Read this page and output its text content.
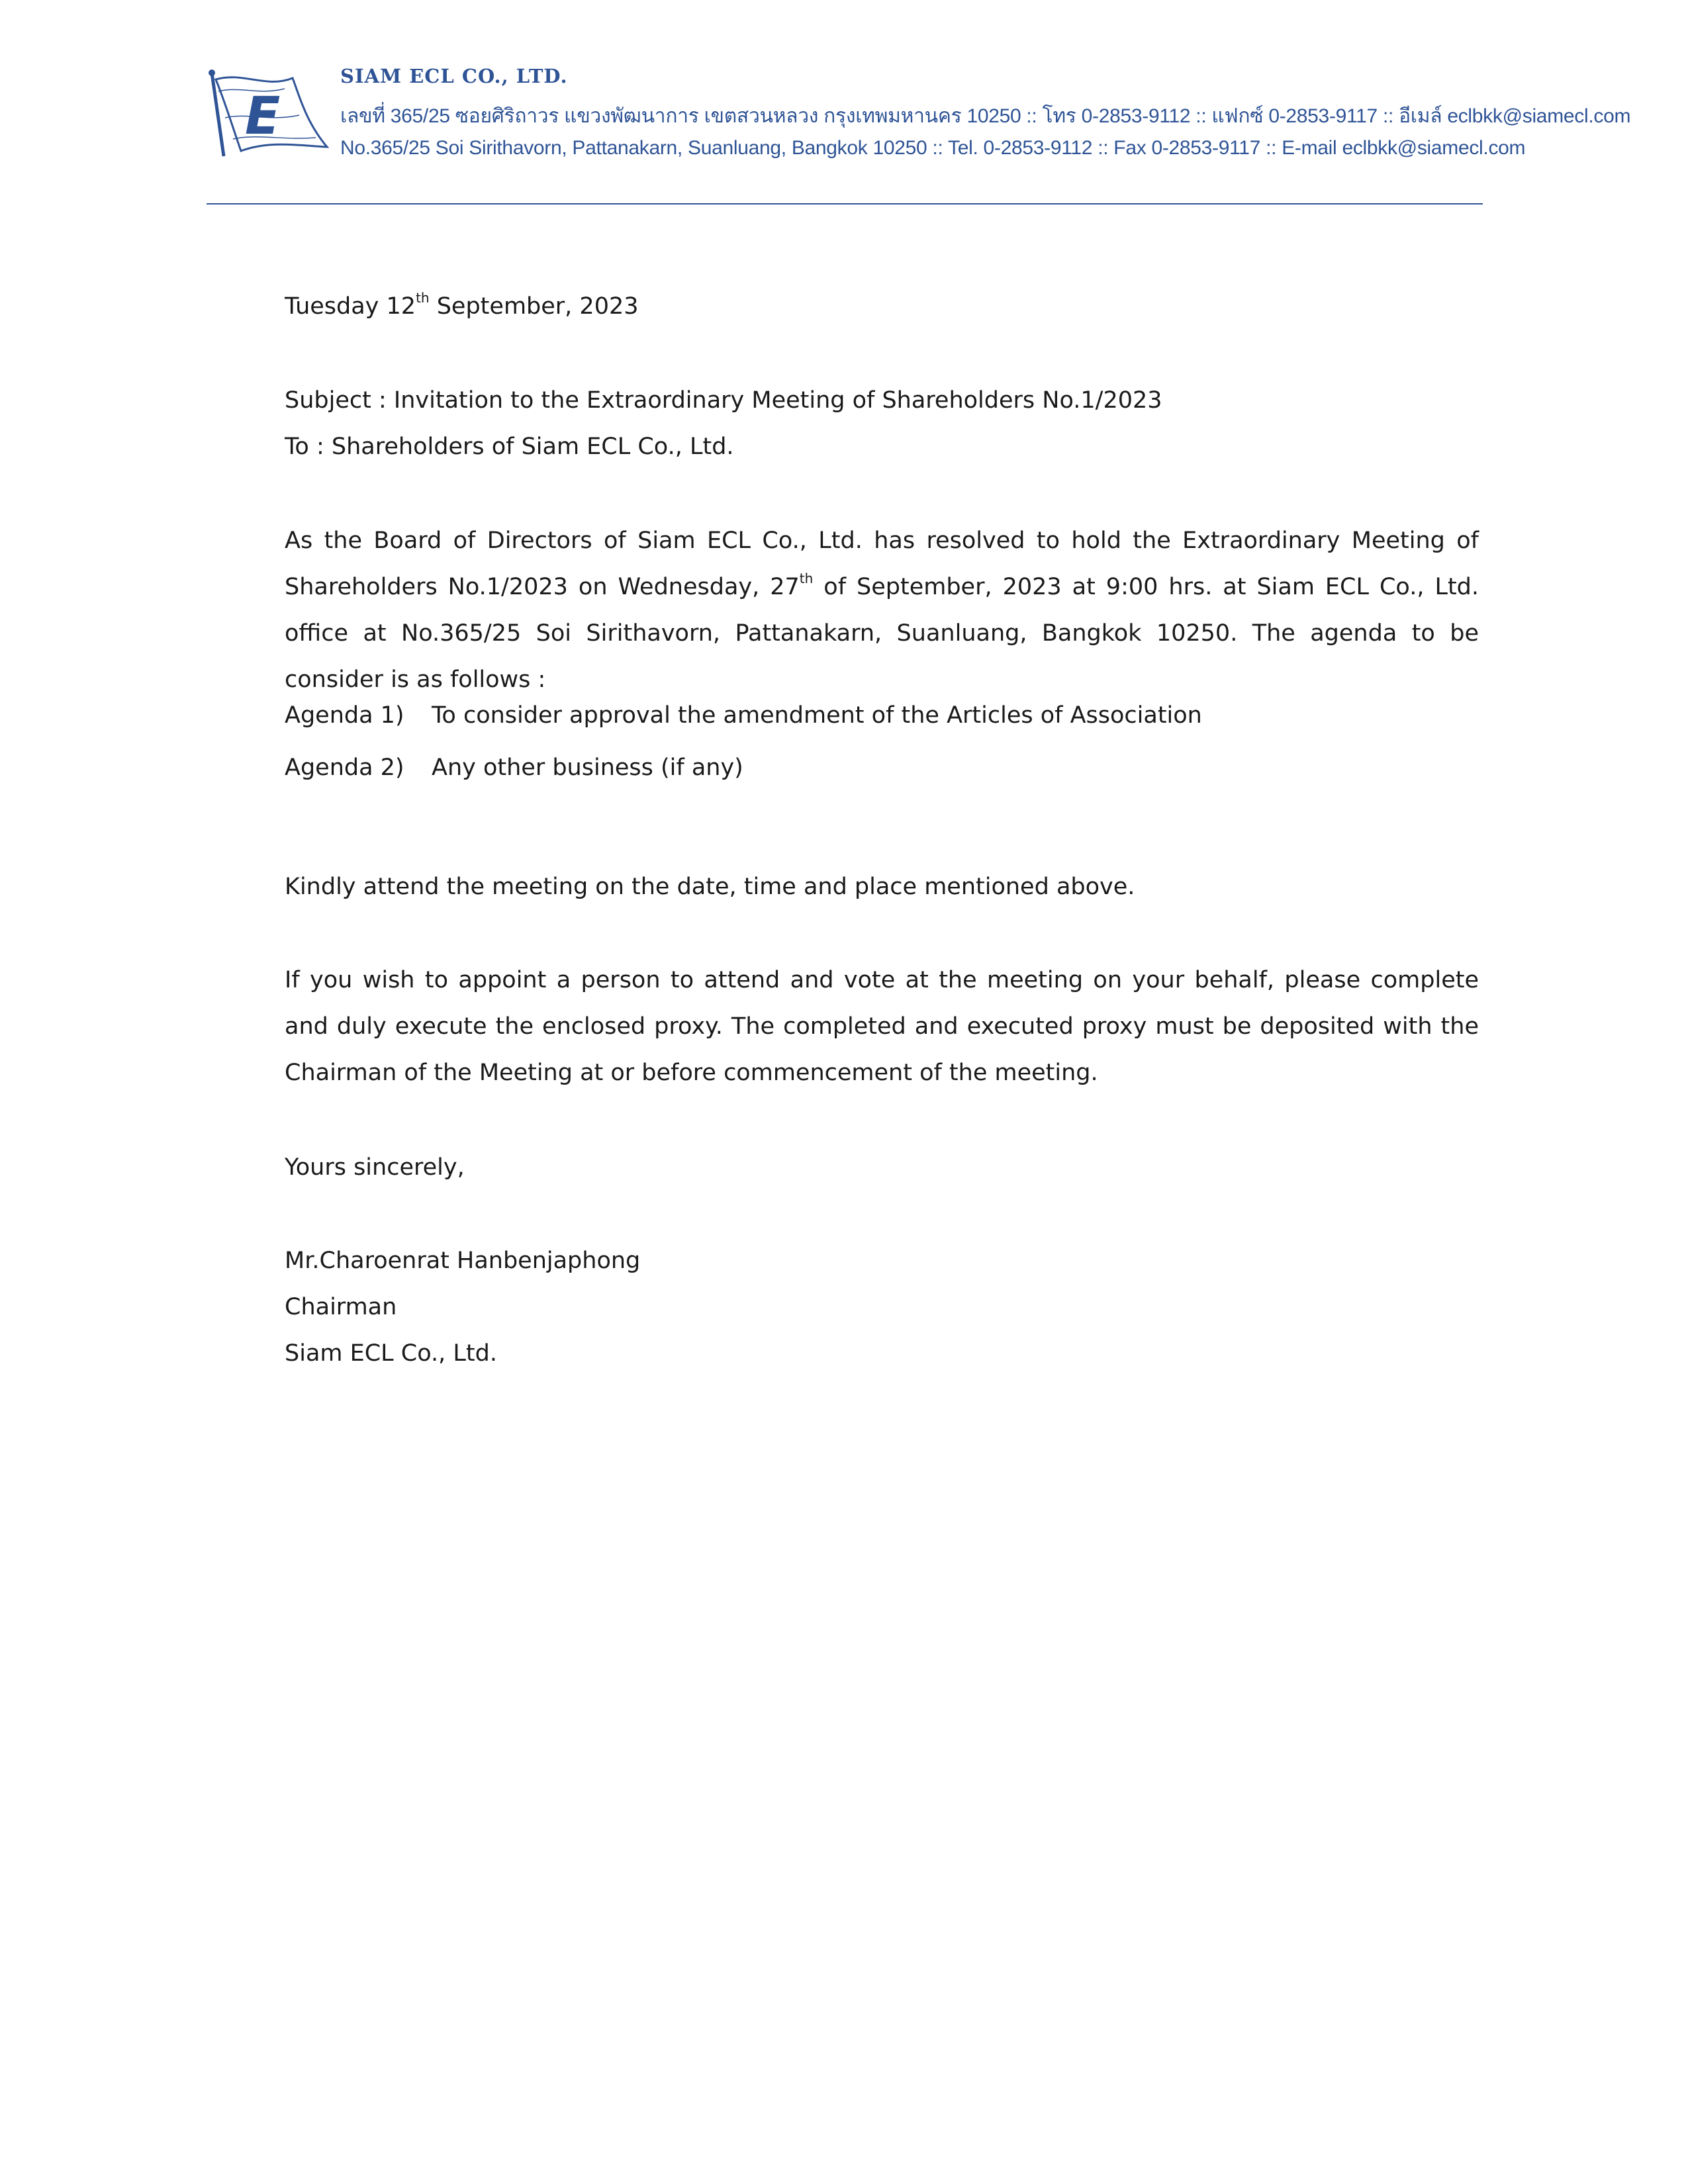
E
SIAM ECL CO., LTD.
เลขที่ 365/25 ซอยศิริถาวร แขวงพัฒนาการ เขตสวนหลวง กรุงเทพมหานคร 10250 :: โทร 0-2853-9112 :: แฟกซ์ 0-2853-9117 :: อีเมล์ eclbkk@siamecl.com
No.365/25 Soi Sirithavorn, Pattanakarn, Suanluang, Bangkok 10250 :: Tel. 0-2853-9112 :: Fax 0-2853-9117 :: E-mail eclbkk@siamecl.com
Tuesday 12th September, 2023
Subject : Invitation to the Extraordinary Meeting of Shareholders No.1/2023
To : Shareholders of Siam ECL Co., Ltd.
As the Board of Directors of Siam ECL Co., Ltd. has resolved to hold the Extraordinary Meeting of Shareholders No.1/2023 on Wednesday, 27th of September, 2023 at 9:00 hrs. at Siam ECL Co., Ltd. office at No.365/25 Soi Sirithavorn, Pattanakarn, Suanluang, Bangkok 10250. The agenda to be consider is as follows :
Agenda 1) To consider approval the amendment of the Articles of Association
Agenda 2) Any other business (if any)
Kindly attend the meeting on the date, time and place mentioned above.
If you wish to appoint a person to attend and vote at the meeting on your behalf, please complete and duly execute the enclosed proxy. The completed and executed proxy must be deposited with the Chairman of the Meeting at or before commencement of the meeting.
Yours sincerely,
Mr.Charoenrat Hanbenjaphong
Chairman
Siam ECL Co., Ltd.
